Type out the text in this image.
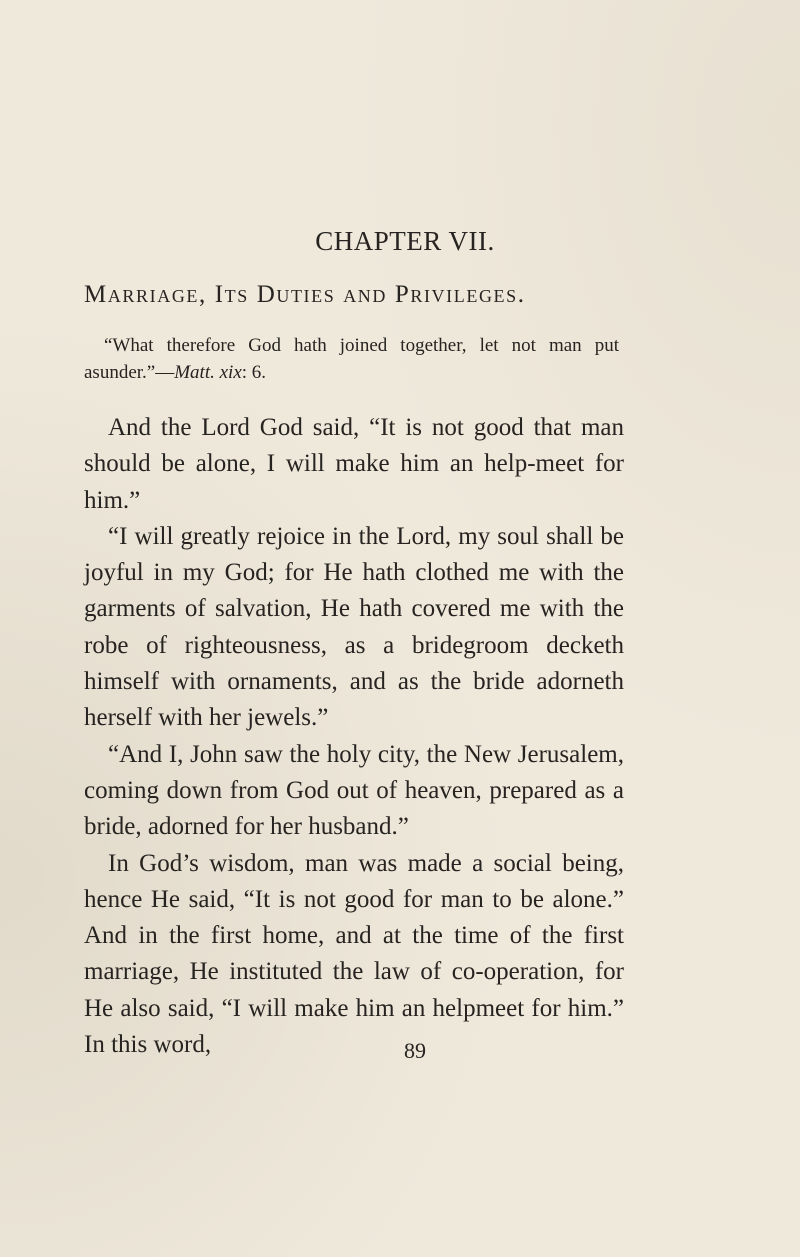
CHAPTER VII.
Marriage, Its Duties and Privileges.
“What therefore God hath joined together, let not man put asunder.”—Matt. xix: 6.

And the Lord God said, “It is not good that man should be alone, I will make him an help-meet for him.”

“I will greatly rejoice in the Lord, my soul shall be joyful in my God; for He hath clothed me with the garments of salvation, He hath covered me with the robe of righteousness, as a bridegroom decketh himself with ornaments, and as the bride adorneth herself with her jewels.”

“And I, John saw the holy city, the New Jerusalem, coming down from God out of heaven, prepared as a bride, adorned for her husband.”

In God’s wisdom, man was made a social being, hence He said, “It is not good for man to be alone.” And in the first home, and at the time of the first marriage, He instituted the law of co-operation, for He also said, “I will make him an helpmeet for him.” In this word,	89
